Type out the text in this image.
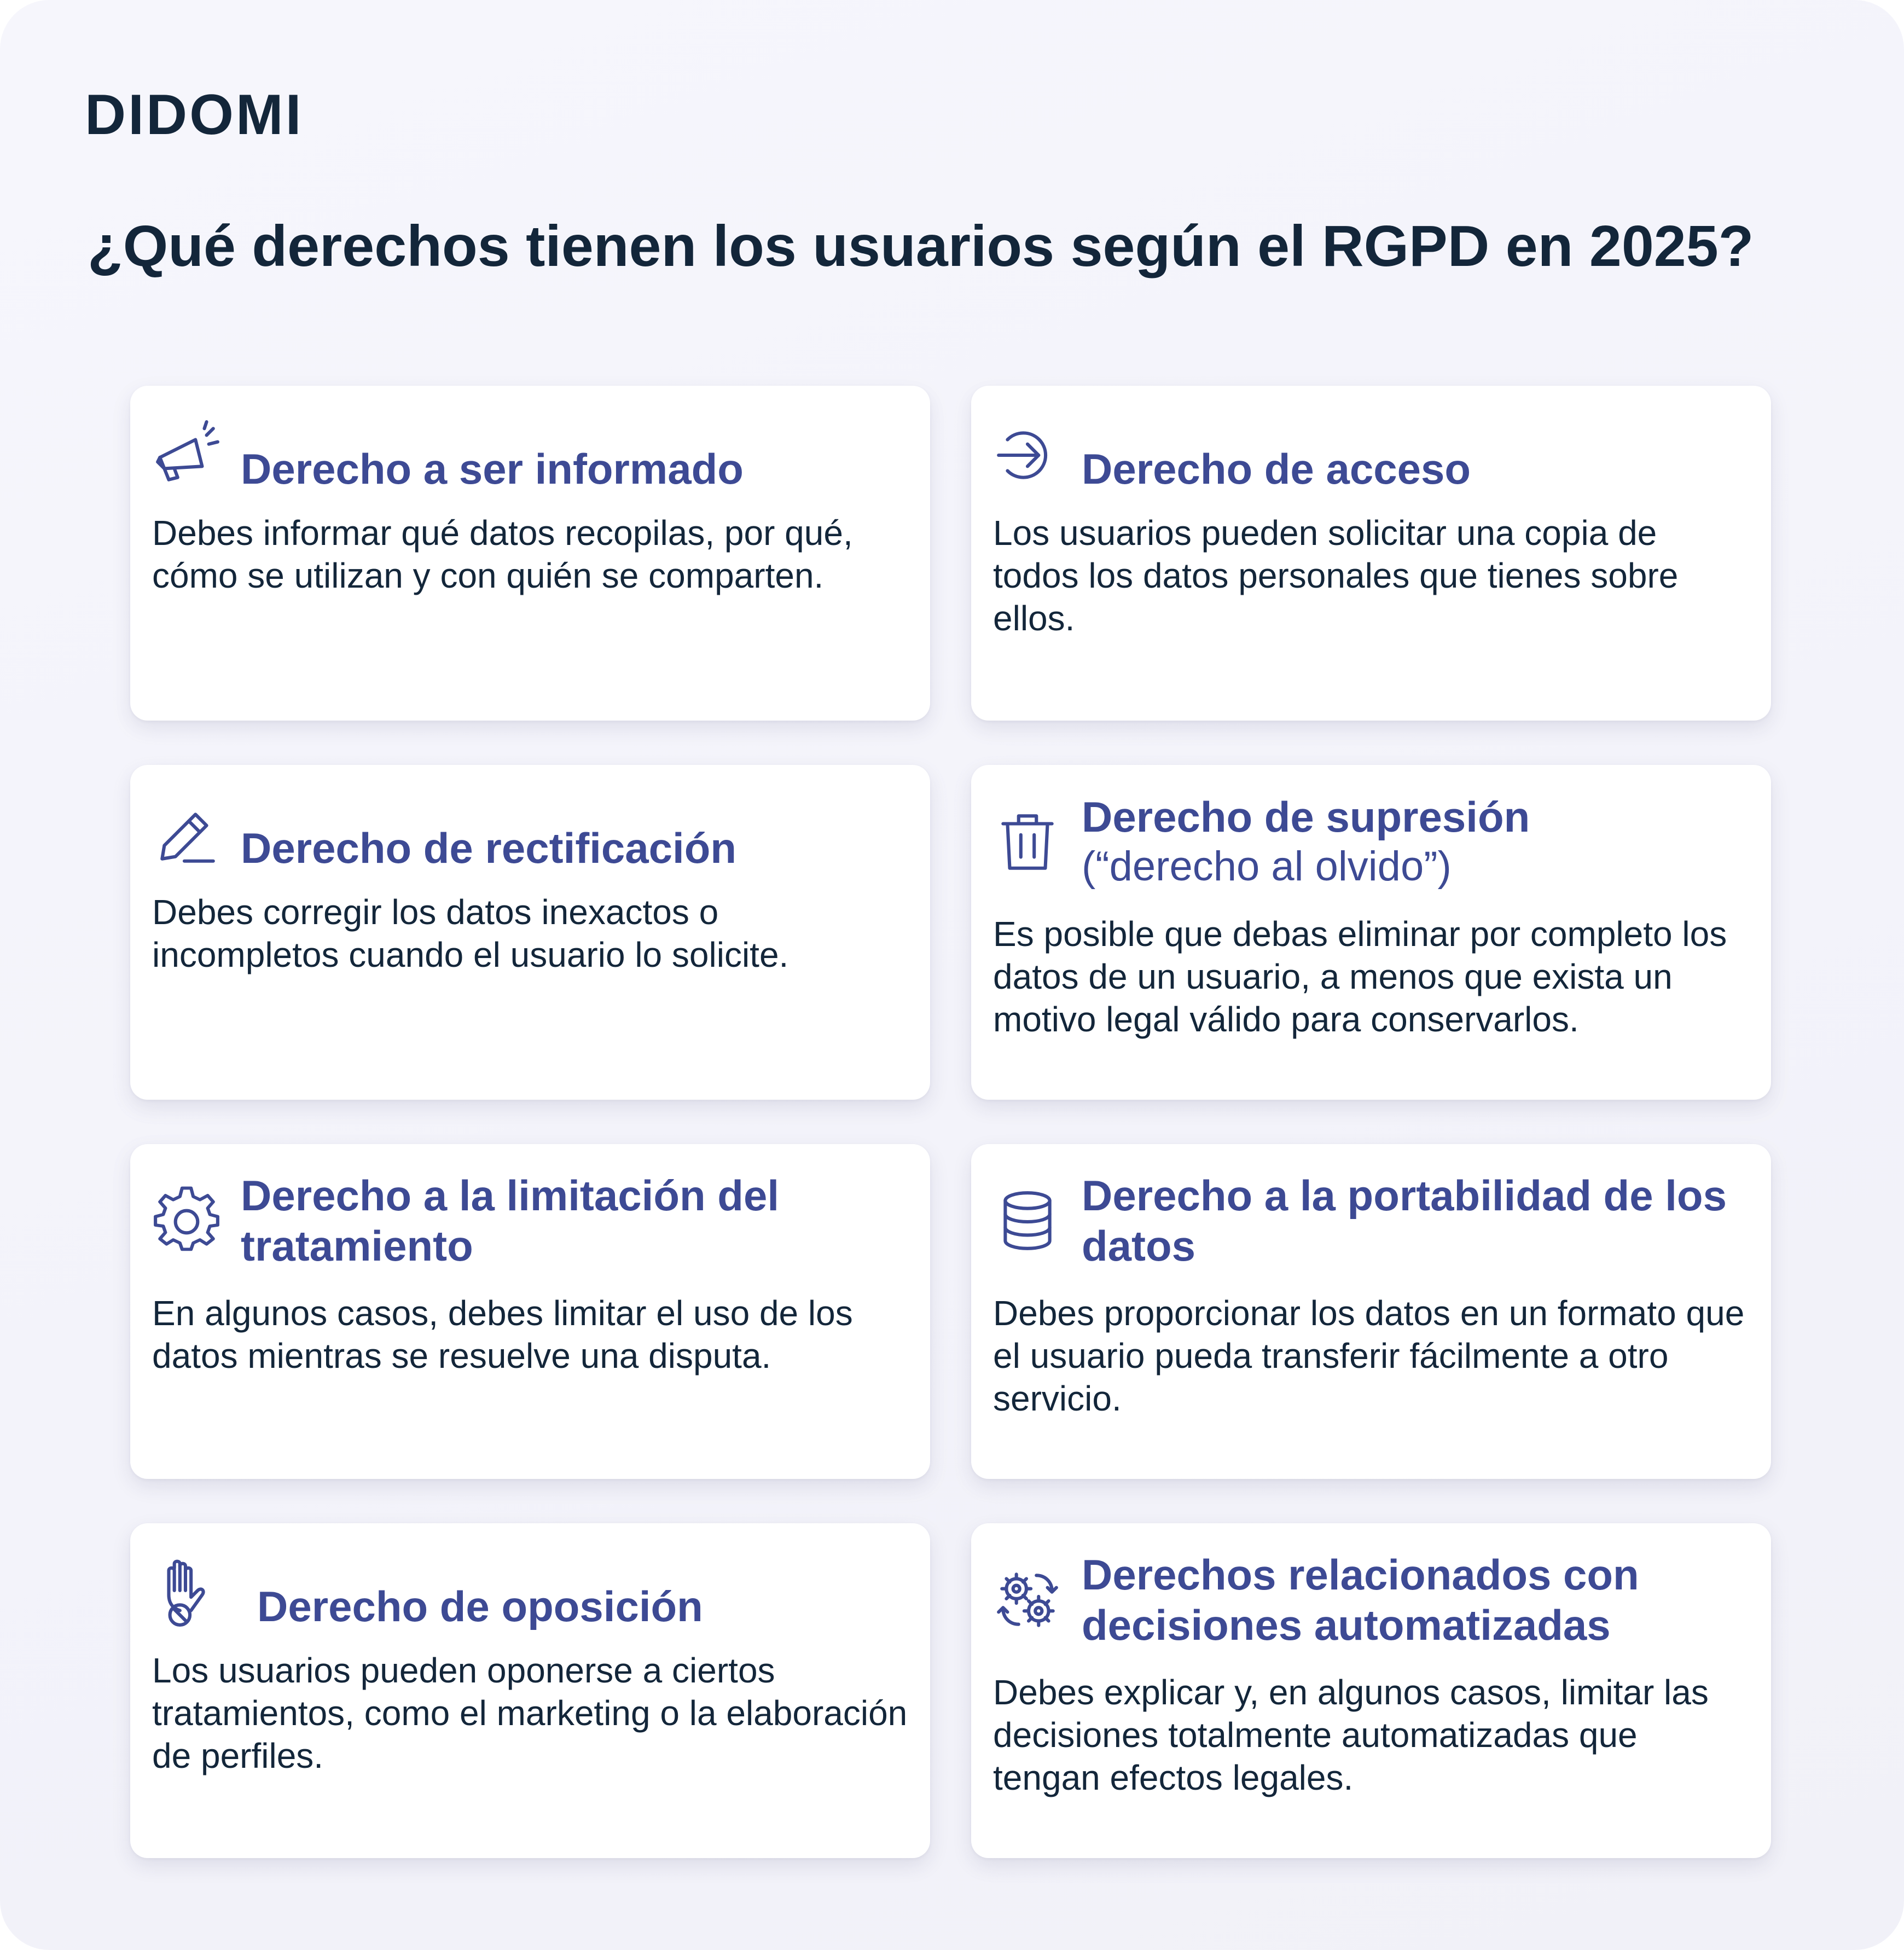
DIDOMI
¿Qué derechos tienen los usuarios según el RGPD en 2025?
Derecho a ser informado
Debes informar qué datos recopilas, por qué, cómo se utilizan y con quién se comparten.
Derecho de acceso
Los usuarios pueden solicitar una copia de todos los datos personales que tienes sobre ellos.
Derecho de rectificación
Debes corregir los datos inexactos o incompletos cuando el usuario lo solicite.
Derecho de supresión
(“derecho al olvido”)
Es posible que debas eliminar por completo los datos de un usuario, a menos que exista un motivo legal válido para conservarlos.
Derecho a la limitación del tratamiento
En algunos casos, debes limitar el uso de los datos mientras se resuelve una disputa.
Derecho a la portabilidad de los datos
Debes proporcionar los datos en un formato que el usuario pueda transferir fácilmente a otro servicio.
Derecho de oposición
Los usuarios pueden oponerse a ciertos tratamientos, como el marketing o la elaboración de perfiles.
Derechos relacionados con decisiones automatizadas
Debes explicar y, en algunos casos, limitar las decisiones totalmente automatizadas que tengan efectos legales.
